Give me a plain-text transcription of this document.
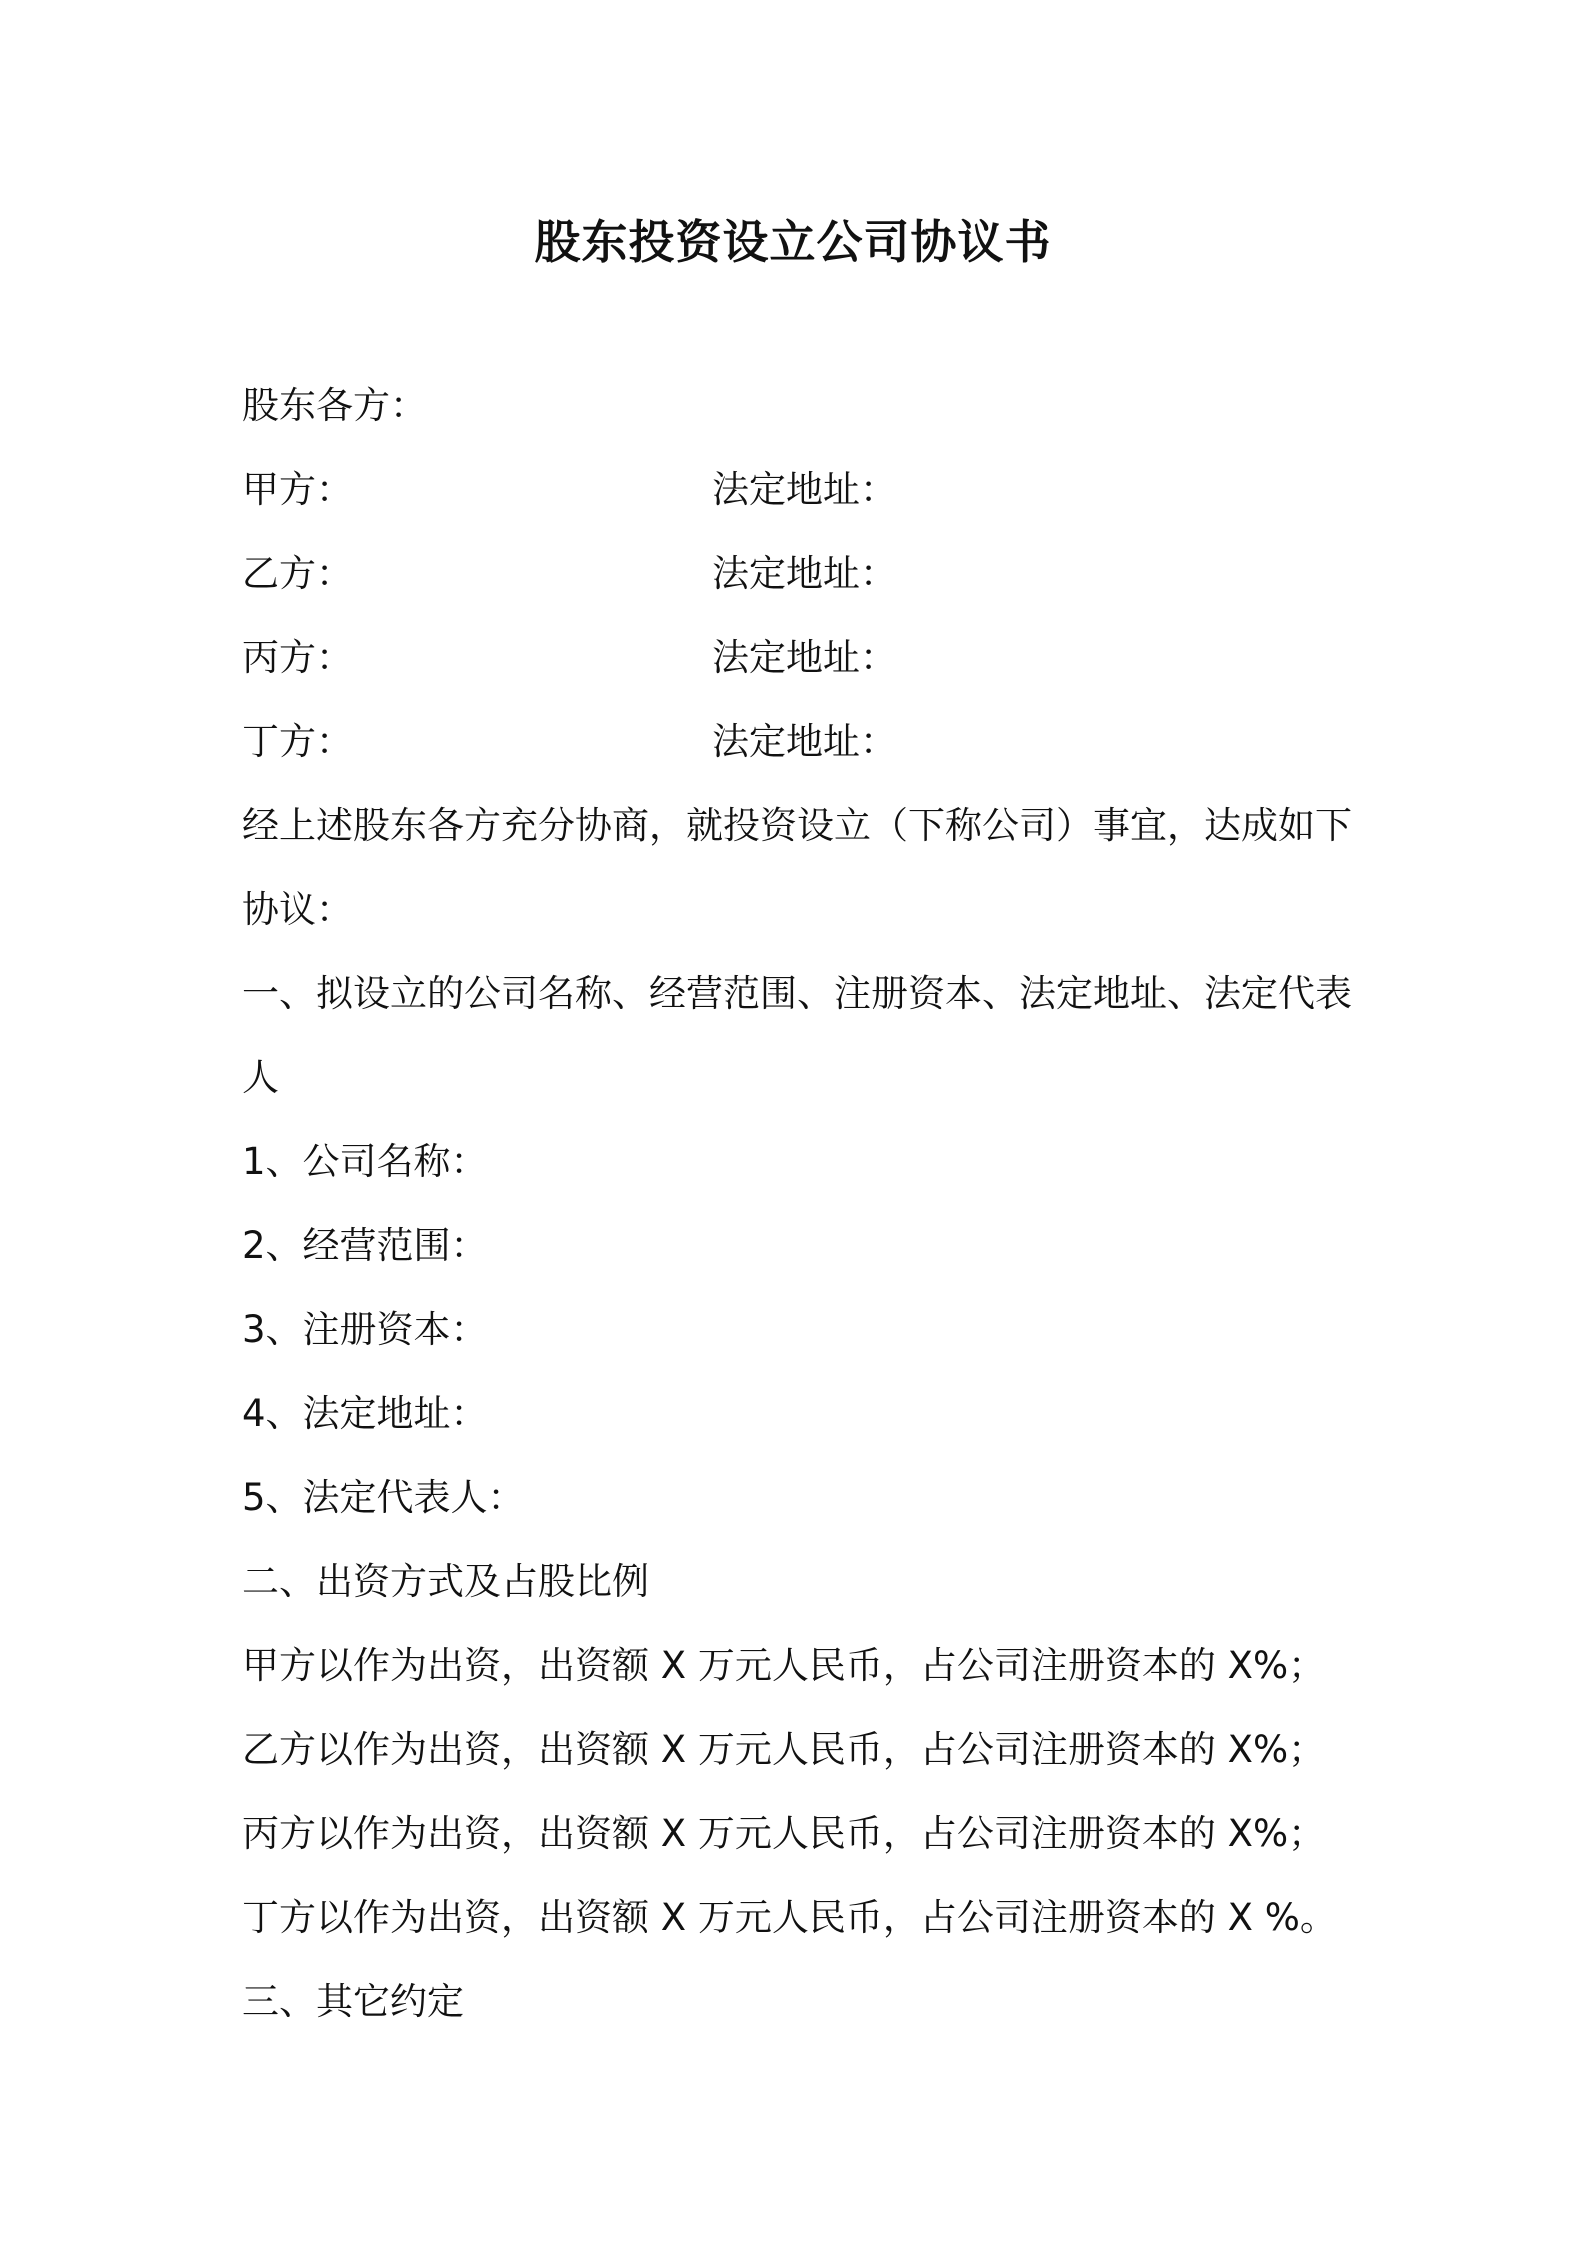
股东投资设立公司协议书
股东各方：
甲方：	法定地址：
乙方：	法定地址：
丙方：	法定地址：
丁方：	法定地址：
经上述股东各方充分协商，就投资设立（下称公司）事宜，达成如下
协议：
一、拟设立的公司名称、经营范围、注册资本、法定地址、法定代表
人
1、公司名称：
2、经营范围：
3、注册资本：
4、法定地址：
5、法定代表人：
二、出资方式及占股比例
甲方以作为出资，出资额 X 万元人民币，占公司注册资本的 X%；
乙方以作为出资，出资额 X 万元人民币，占公司注册资本的 X%；
丙方以作为出资，出资额 X 万元人民币，占公司注册资本的 X%；
丁方以作为出资，出资额 X 万元人民币，占公司注册资本的 X %。
三、其它约定
